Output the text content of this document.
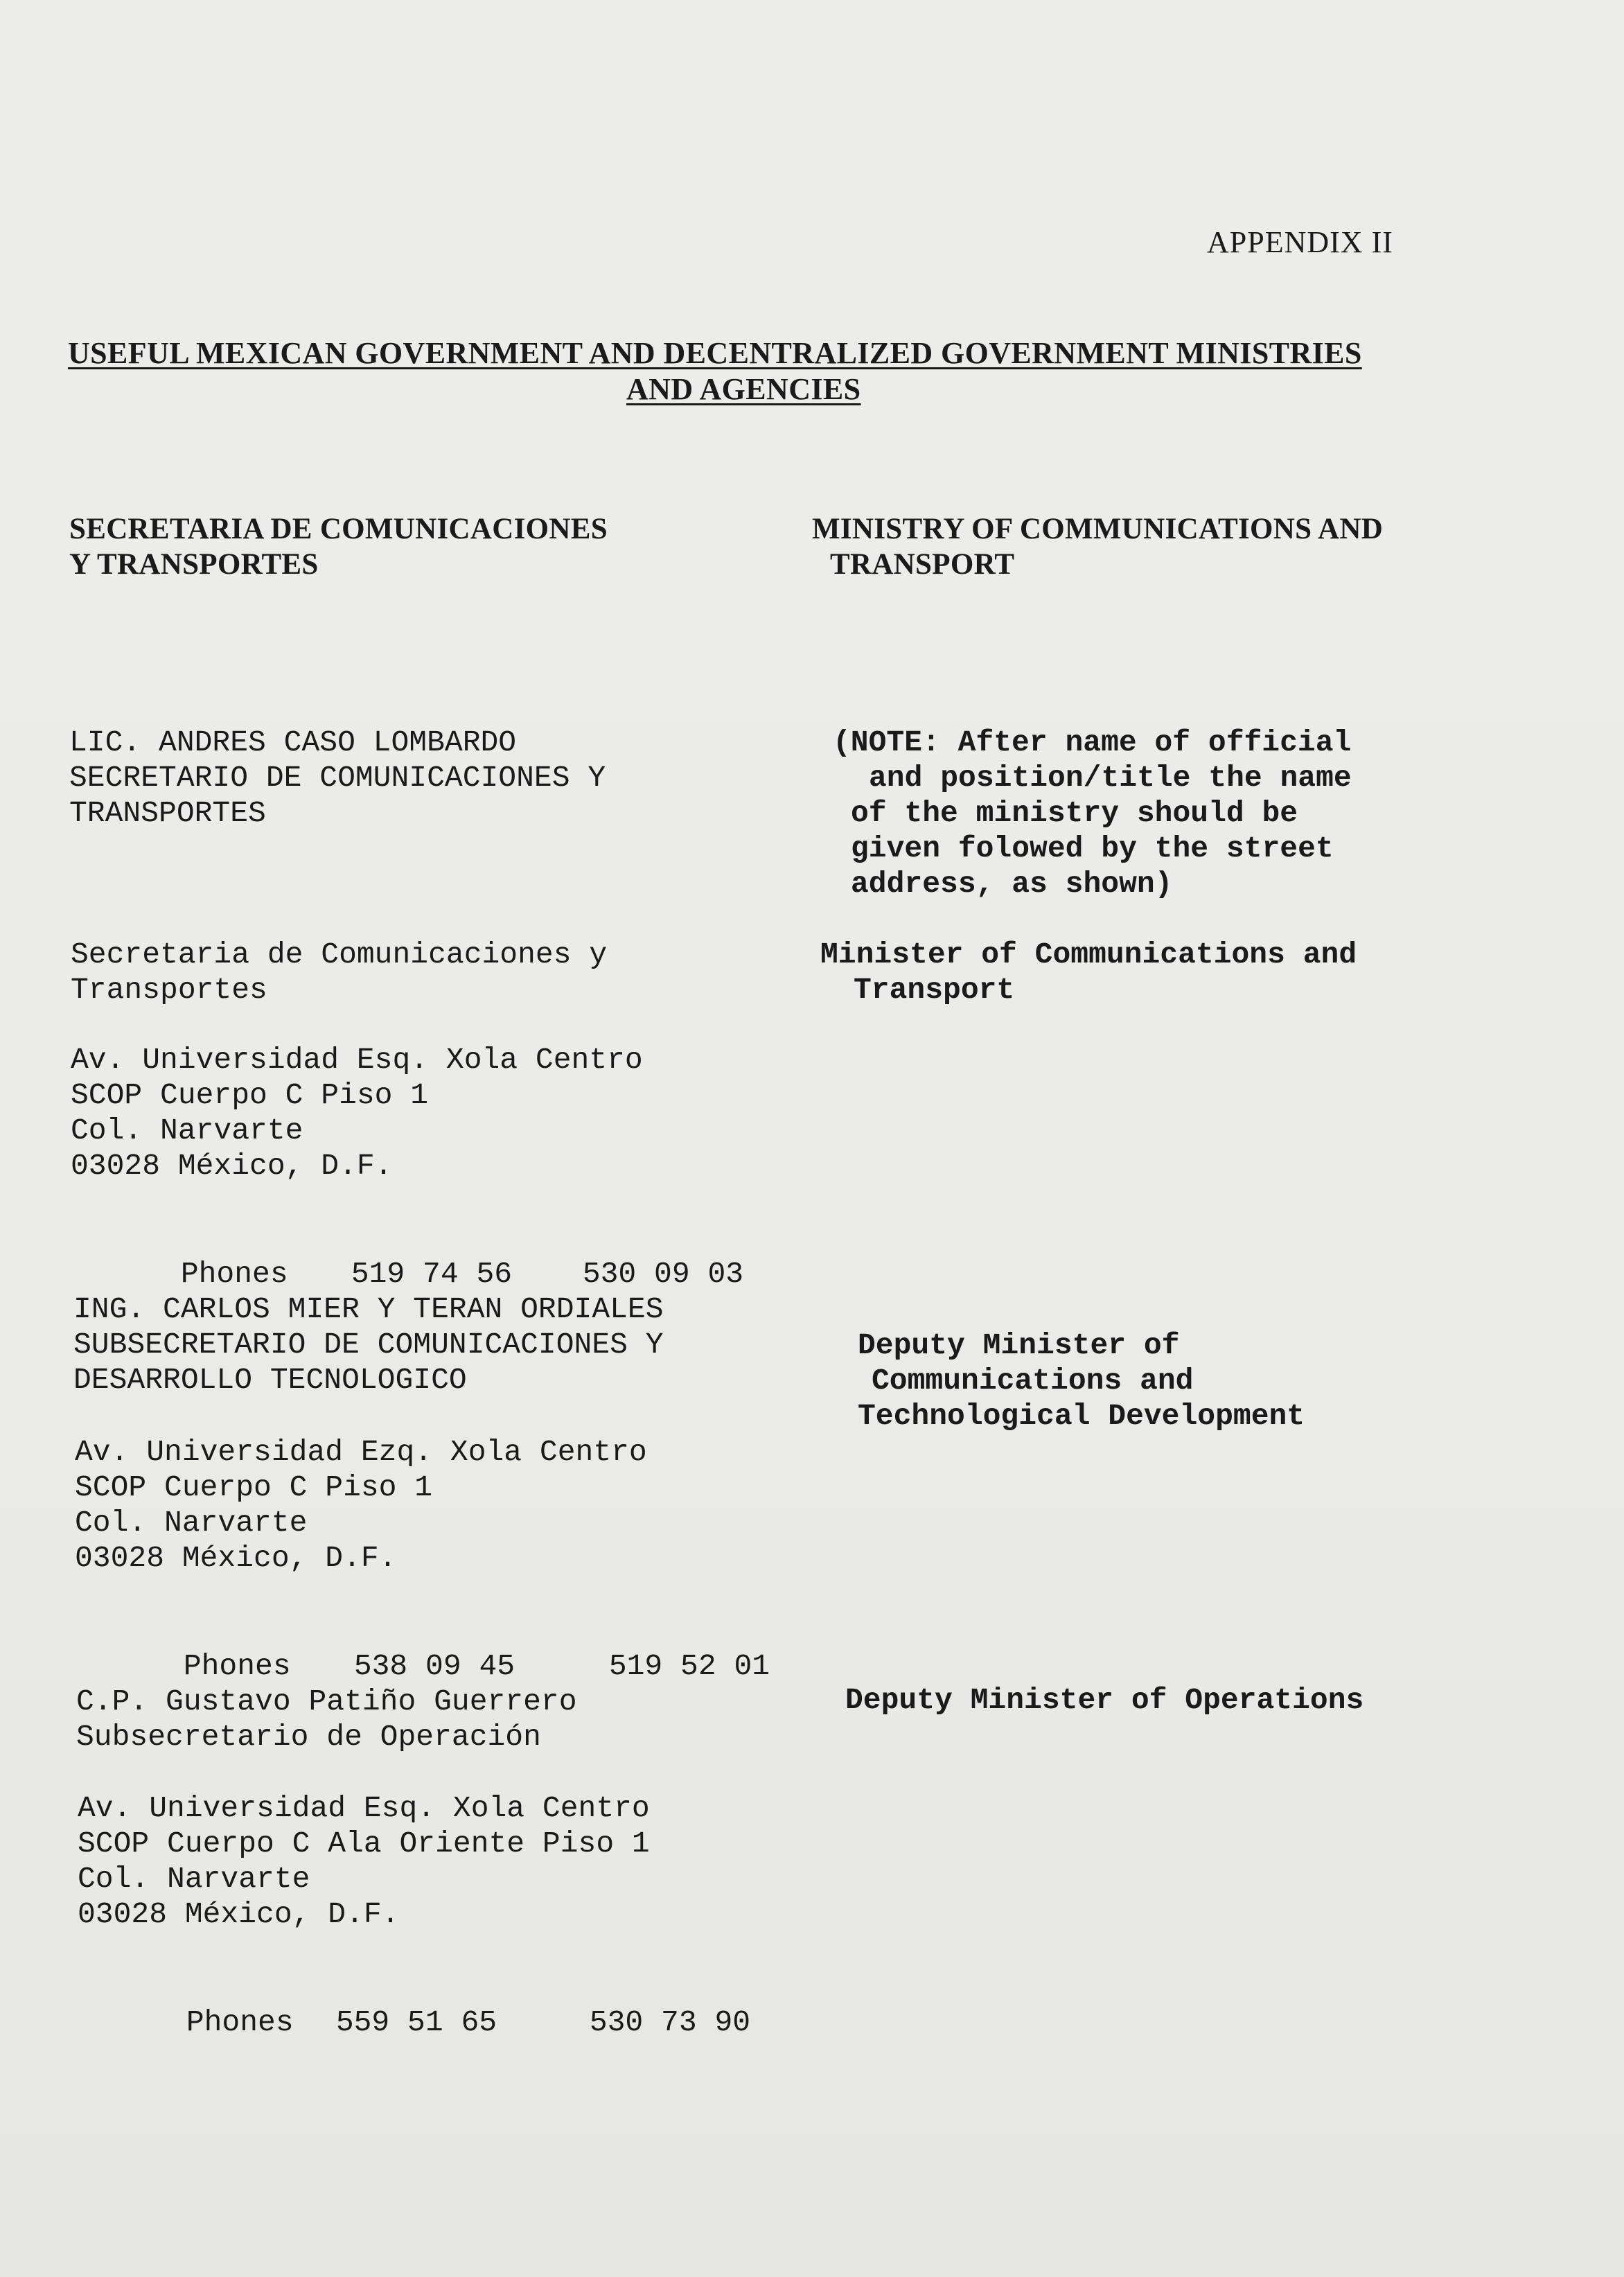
APPENDIX II
USEFUL MEXICAN GOVERNMENT AND DECENTRALIZED GOVERNMENT MINISTRIES
AND AGENCIES
SECRETARIA DE COMUNICACIONES
Y TRANSPORTES
MINISTRY OF COMMUNICATIONS AND
TRANSPORT
LIC. ANDRES CASO LOMBARDO
SECRETARIO DE COMUNICACIONES Y
TRANSPORTES
(NOTE: After name of official
and position/title the name
of the ministry should be
given folowed by the street
address, as shown)
Secretaria de Comunicaciones y
Transportes
Minister of Communications and
Transport
Av. Universidad Esq. Xola Centro
SCOP Cuerpo C Piso 1
Col. Narvarte
03028 México, D.F.

Phones 519 74 56 530 09 03

ING. CARLOS MIER Y TERAN ORDIALES
SUBSECRETARIO DE COMUNICACIONES Y
DESARROLLO TECNOLOGICO
Deputy Minister of
Communications and
Technological Development
Av. Universidad Ezq. Xola Centro
SCOP Cuerpo C Piso 1
Col. Narvarte
03028 México, D.F.

Phones 538 09 45	519 52 01

C.P. Gustavo Patiño Guerrero
Subsecretario de Operación
Deputy Minister of Operations
Av. Universidad Esq. Xola Centro
SCOP Cuerpo C Ala Oriente Piso 1
Col. Narvarte
03028 México, D.F.

Phones 559 51 65	530 73 90
